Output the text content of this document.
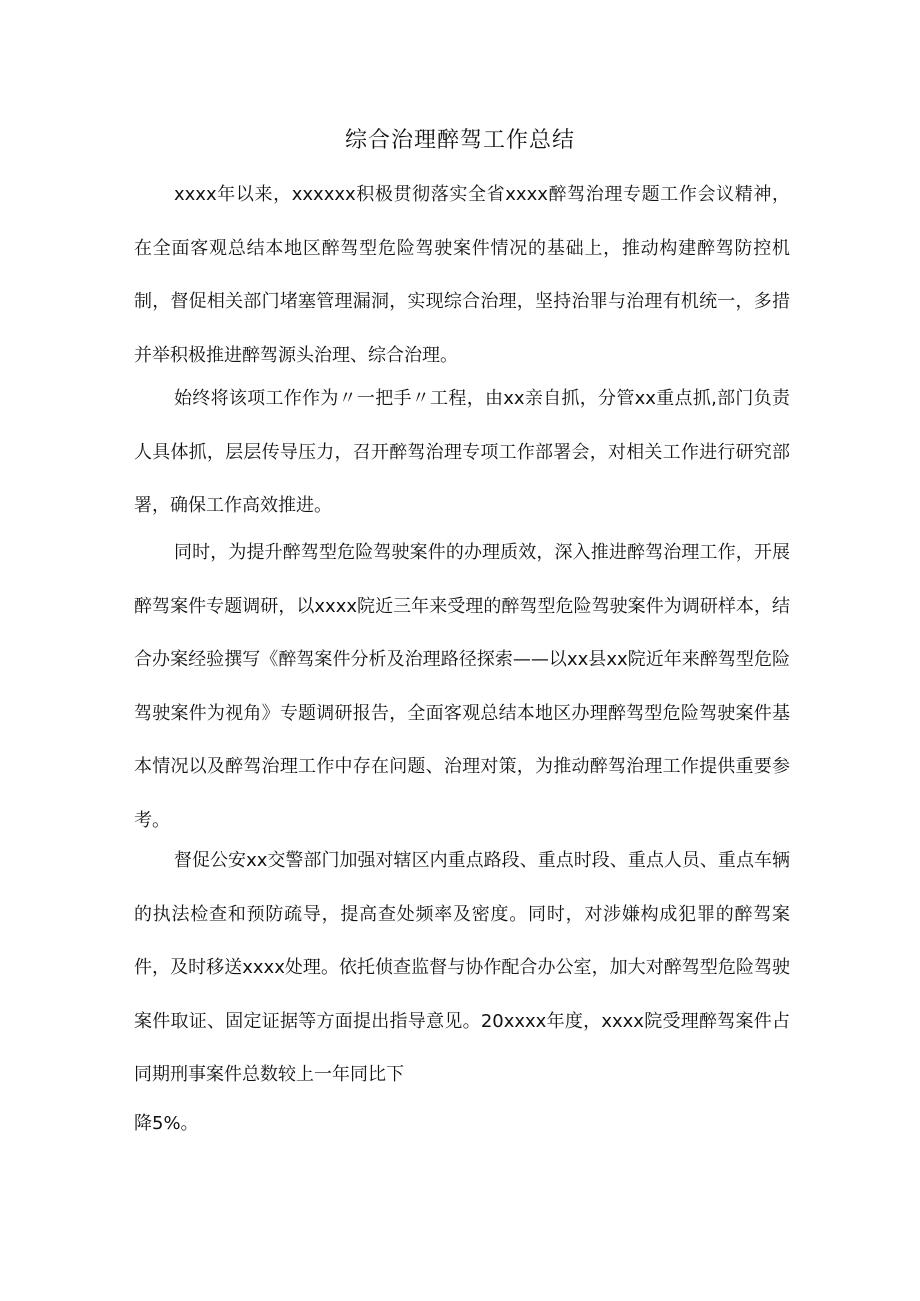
综合治理醉驾工作总结

xxxx年以来，xxxxxx积极贯彻落实全省xxxx醉驾治理专题工作会议精神，在全面客观总结本地区醉驾型危险驾驶案件情况的基础上，推动构建醉驾防控机制，督促相关部门堵塞管理漏洞，实现综合治理，坚持治罪与治理有机统一，多措并举积极推进醉驾源头治理、综合治理。

始终将该项工作作为〃一把手〃工程，由xx亲自抓，分管xx重点抓,部门负责人具体抓，层层传导压力，召开醉驾治理专项工作部署会，对相关工作进行研究部署，确保工作高效推进。

同时，为提升醉驾型危险驾驶案件的办理质效，深入推进醉驾治理工作，开展醉驾案件专题调研，以xxxx院近三年来受理的醉驾型危险驾驶案件为调研样本，结合办案经验撰写《醉驾案件分析及治理路径探索——以xx县xx院近年来醉驾型危险驾驶案件为视角》专题调研报告，全面客观总结本地区办理醉驾型危险驾驶案件基本情况以及醉驾治理工作中存在问题、治理对策，为推动醉驾治理工作提供重要参考。

督促公安xx交警部门加强对辖区内重点路段、重点时段、重点人员、重点车辆的执法检查和预防疏导，提高查处频率及密度。同时，对涉嫌构成犯罪的醉驾案件，及时移送xxxx处理。依托侦查监督与协作配合办公室，加大对醉驾型危险驾驶案件取证、固定证据等方面提出指导意见。20xxxx年度，xxxx院受理醉驾案件占同期刑事案件总数较上一年同比下

降5%。
